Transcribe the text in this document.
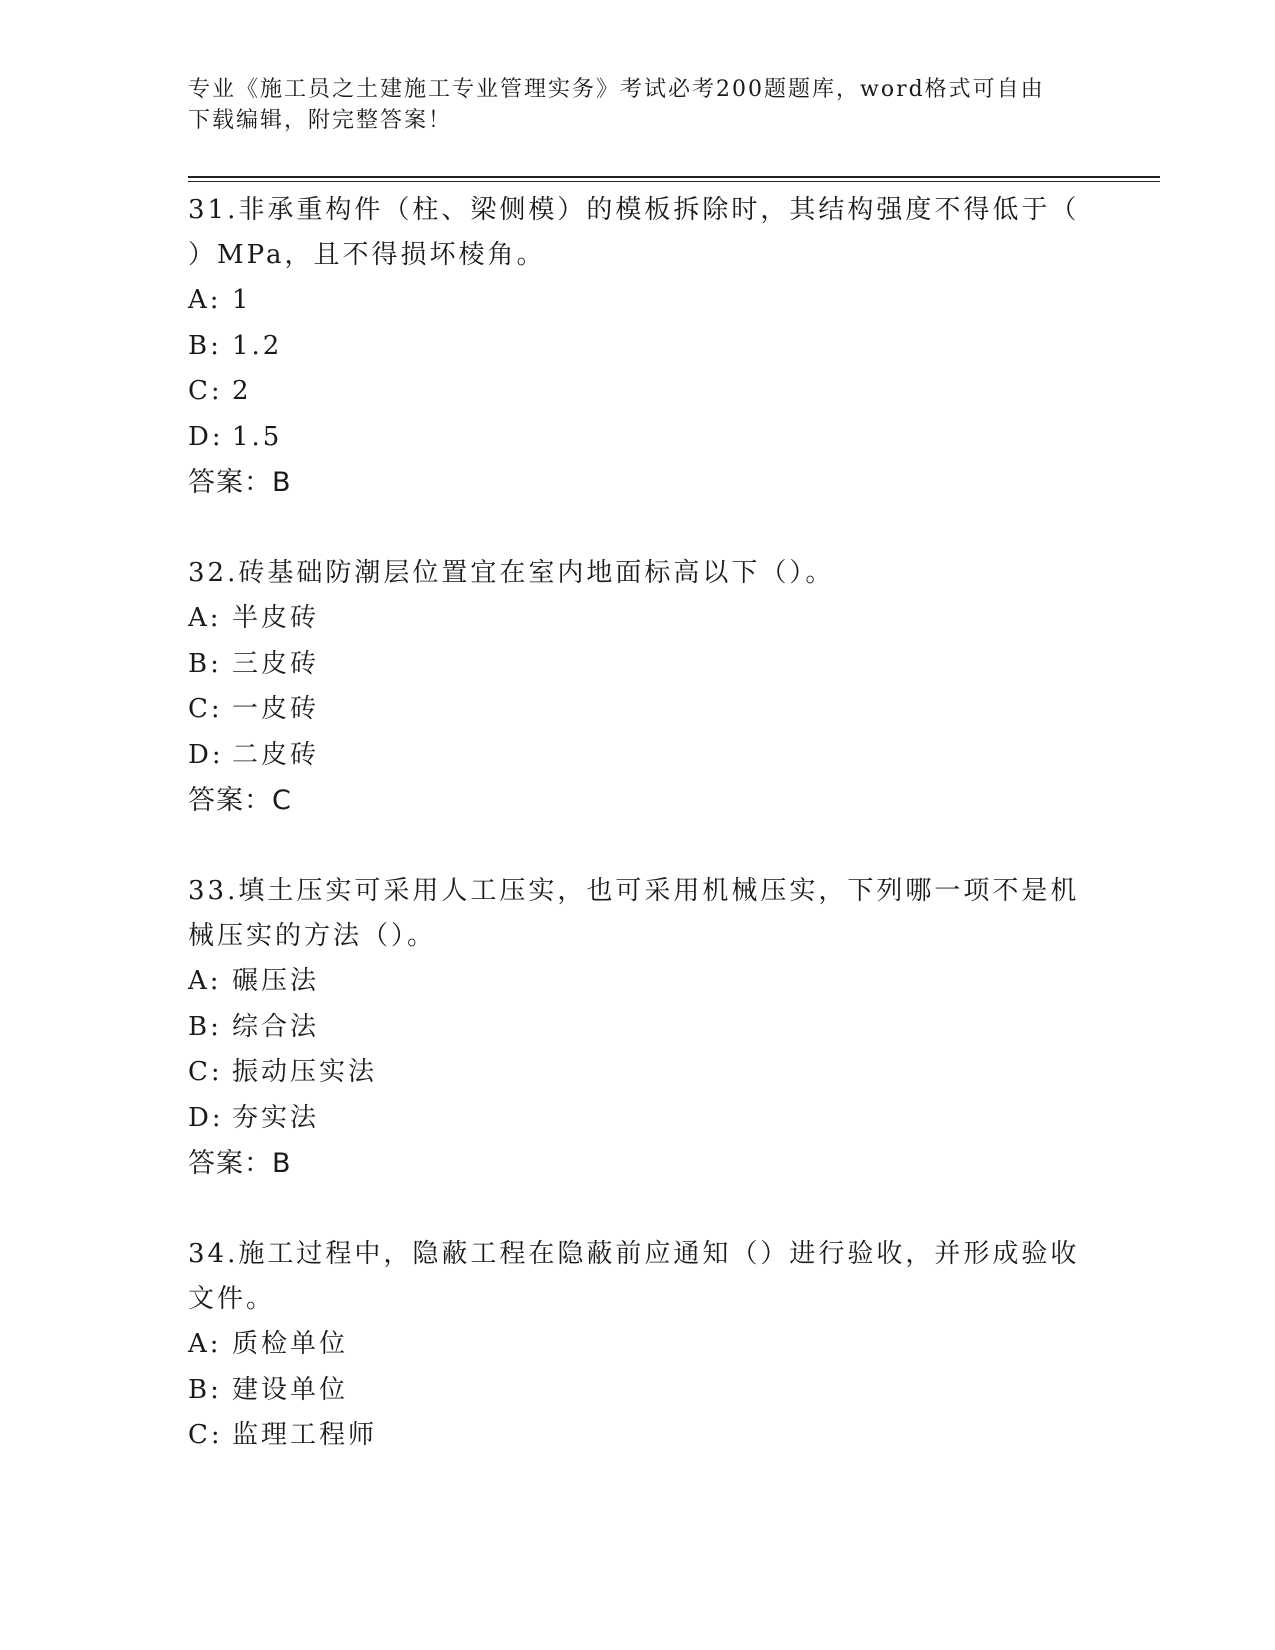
专业《施工员之土建施工专业管理实务》考试必考200题题库，word格式可自由
下载编辑，附完整答案！

31.非承重构件（柱、梁侧模）的模板拆除时，其结构强度不得低于（

）MPa，且不得损坏棱角。

A: 1

B: 1.2

C: 2

D: 1.5

答案：B

32.砖基础防潮层位置宜在室内地面标高以下（）。

A: 半皮砖

B: 三皮砖

C: 一皮砖

D: 二皮砖

答案：C

33.填土压实可采用人工压实，也可采用机械压实，下列哪一项不是机

械压实的方法（）。

A: 碾压法

B: 综合法

C: 振动压实法

D: 夯实法

答案：B

34.施工过程中，隐蔽工程在隐蔽前应通知（）进行验收，并形成验收

文件。

A: 质检单位

B: 建设单位

C: 监理工程师
